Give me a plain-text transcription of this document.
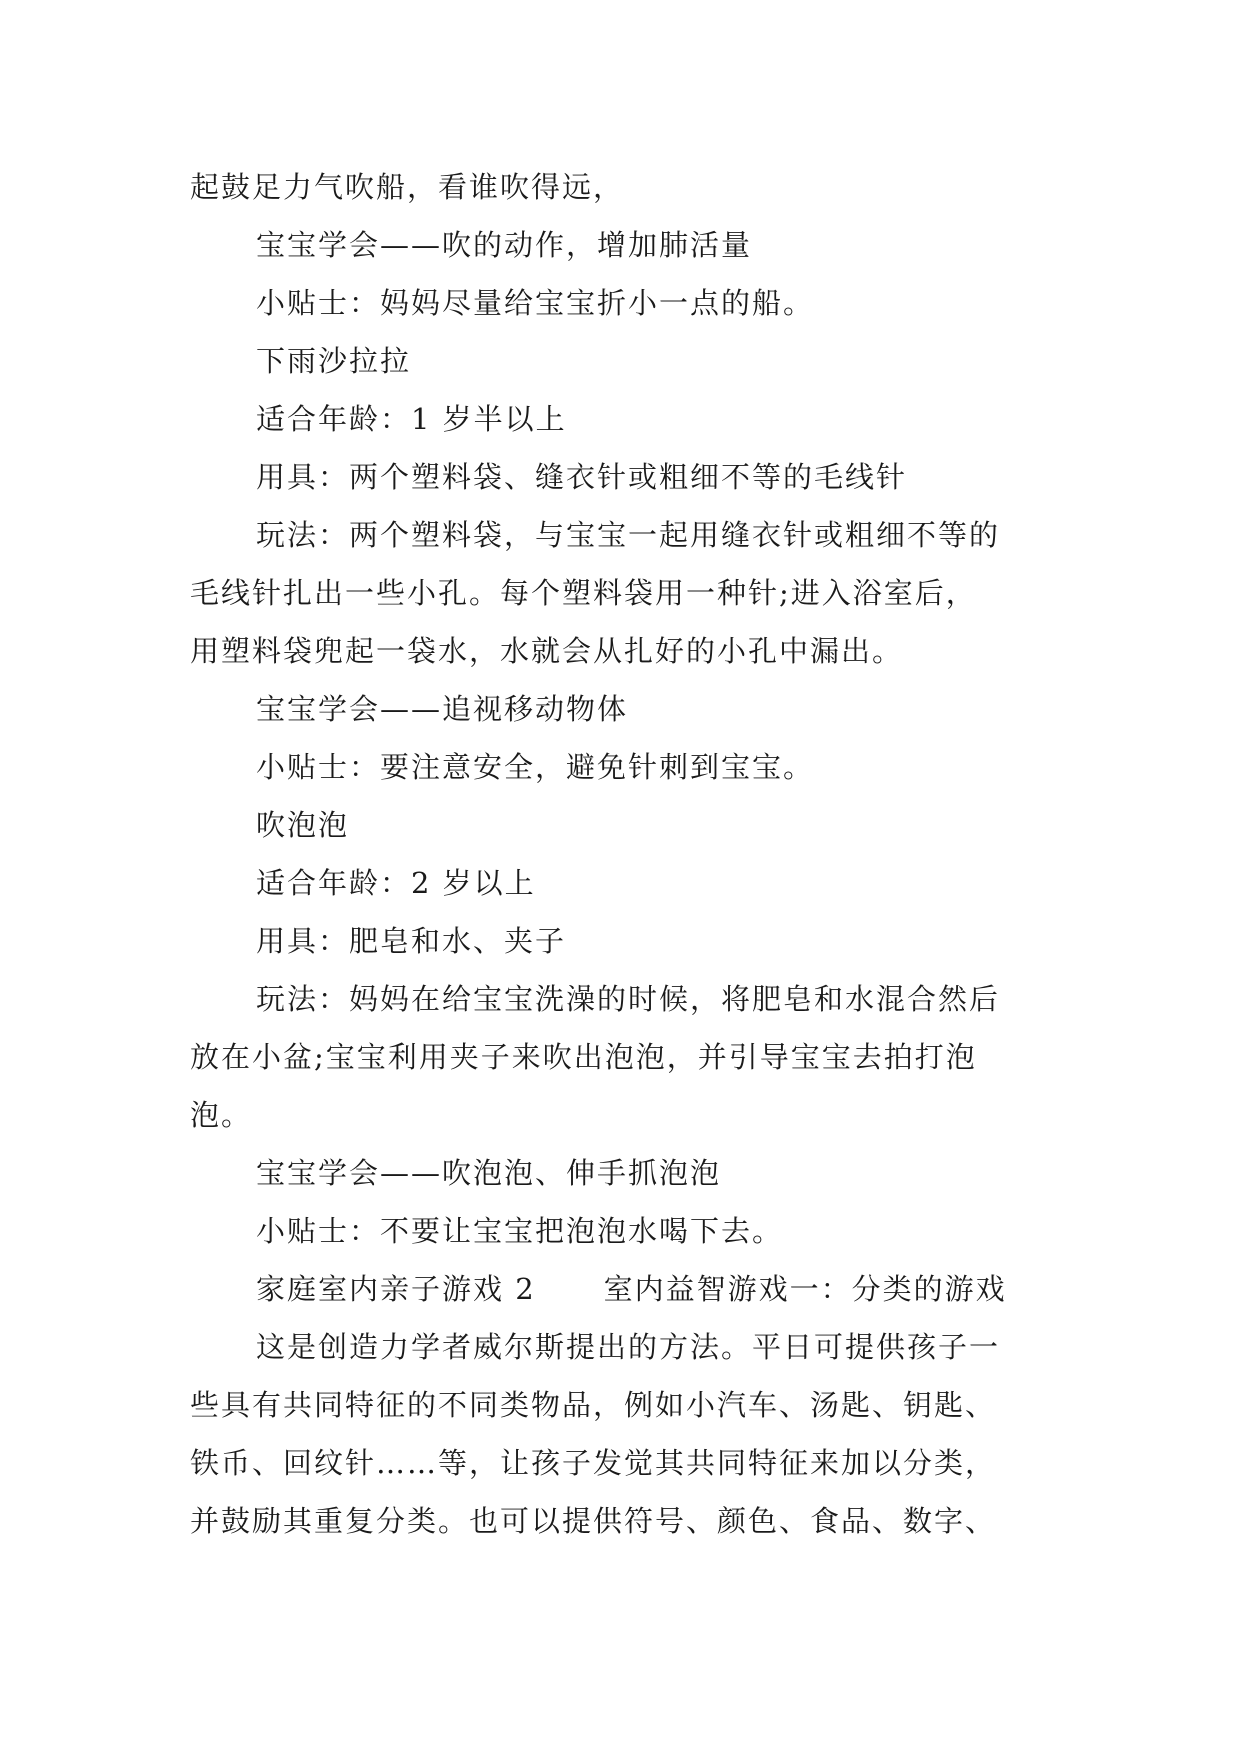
起鼓足力气吹船，看谁吹得远，
宝宝学会——吹的动作，增加肺活量
小贴士：妈妈尽量给宝宝折小一点的船。
下雨沙拉拉
适合年龄：1 岁半以上
用具：两个塑料袋、缝衣针或粗细不等的毛线针
玩法：两个塑料袋，与宝宝一起用缝衣针或粗细不等的
毛线针扎出一些小孔。每个塑料袋用一种针;进入浴室后，
用塑料袋兜起一袋水，水就会从扎好的小孔中漏出。
宝宝学会——追视移动物体
小贴士：要注意安全，避免针刺到宝宝。
吹泡泡
适合年龄：2 岁以上
用具：肥皂和水、夹子
玩法：妈妈在给宝宝洗澡的时候，将肥皂和水混合然后
放在小盆;宝宝利用夹子来吹出泡泡，并引导宝宝去拍打泡
泡。
宝宝学会——吹泡泡、伸手抓泡泡
小贴士：不要让宝宝把泡泡水喝下去。
家庭室内亲子游戏 2 室内益智游戏一：分类的游戏
这是创造力学者威尔斯提出的方法。平日可提供孩子一
些具有共同特征的不同类物品，例如小汽车、汤匙、钥匙、
铁币、回纹针……等，让孩子发觉其共同特征来加以分类，
并鼓励其重复分类。也可以提供符号、颜色、食品、数字、
